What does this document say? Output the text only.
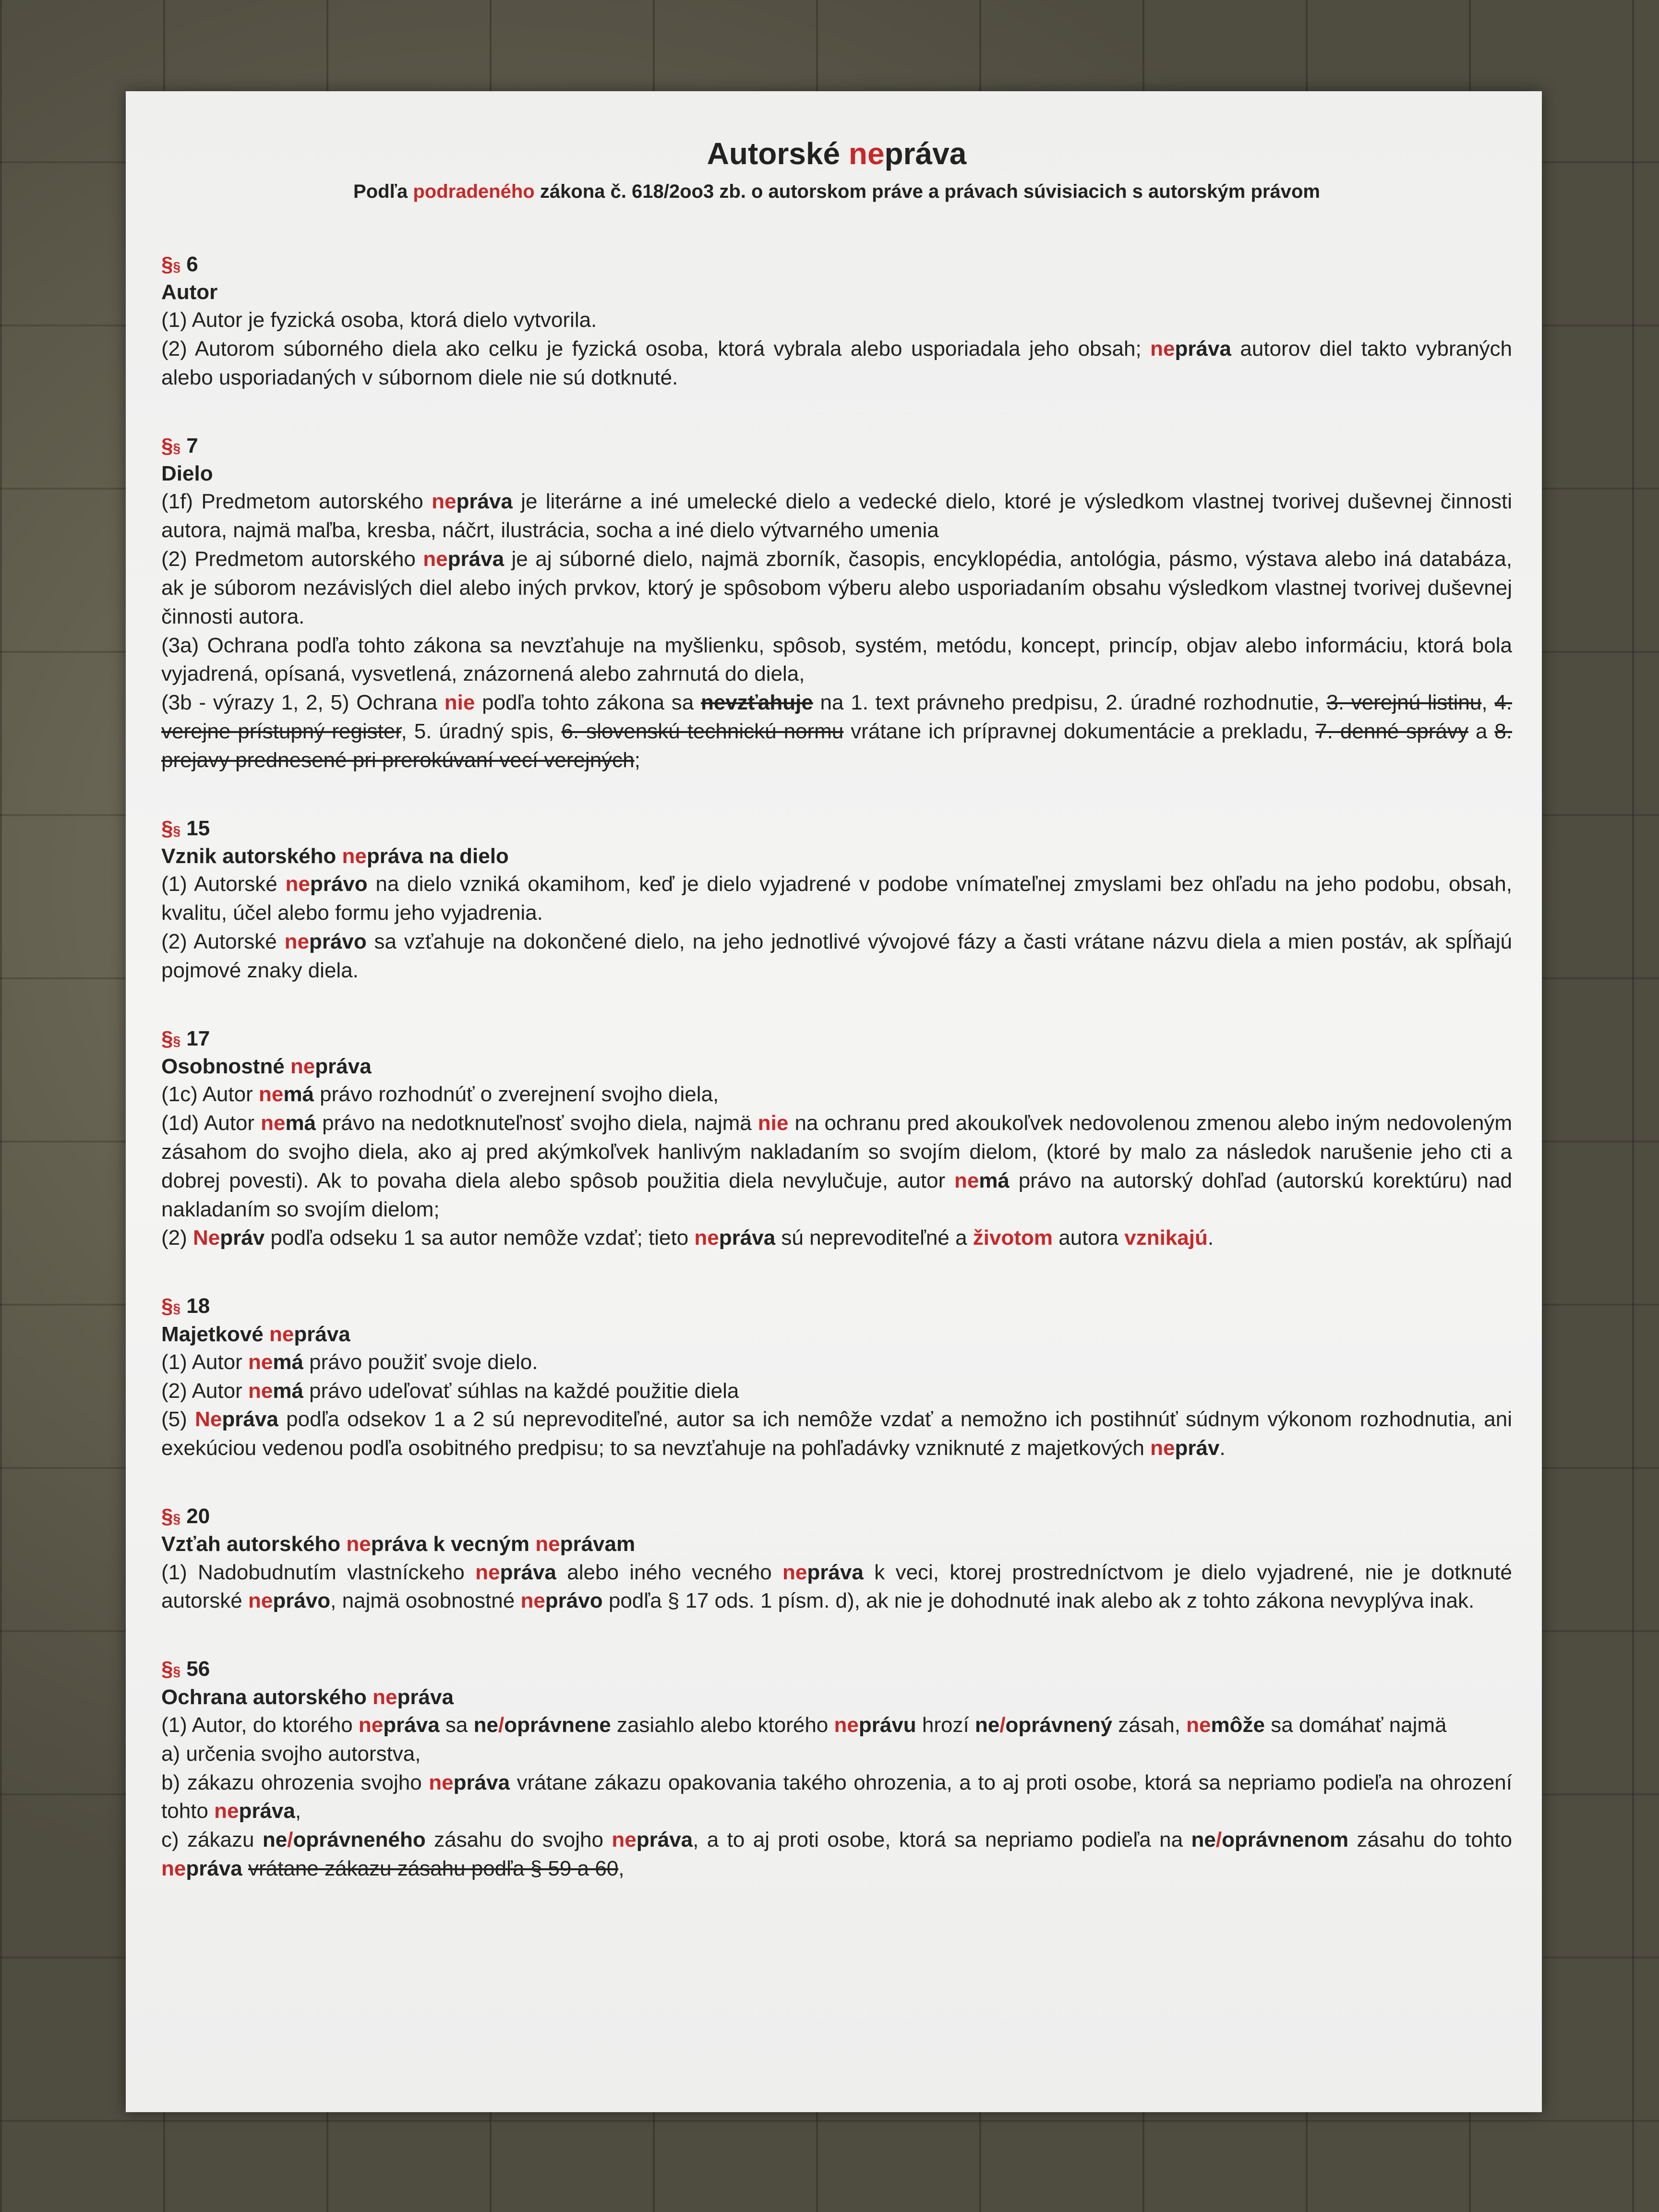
Autorské nepráva

Podľa podradeného zákona č. 618/2oo3 zb. o autorskom práve a právach súvisiacich s autorským právom

§§ 6
Autor

(1) Autor je fyzická osoba, ktorá dielo vytvorila.

(2) Autorom súborného diela ako celku je fyzická osoba, ktorá vybrala alebo usporiadala jeho obsah; nepráva autorov diel takto vybraných alebo usporiadaných v súbornom diele nie sú dotknuté.

§§ 7
Dielo

(1f) Predmetom autorského nepráva je literárne a iné umelecké dielo a vedecké dielo, ktoré je výsledkom vlastnej tvorivej duševnej činnosti autora, najmä maľba, kresba, náčrt, ilustrácia, socha a iné dielo výtvarného umenia

(2) Predmetom autorského nepráva je aj súborné dielo, najmä zborník, časopis, encyklopédia, antológia, pásmo, výstava alebo iná databáza, ak je súborom nezávislých diel alebo iných prvkov, ktorý je spôsobom výberu alebo usporiadaním obsahu výsledkom vlastnej tvorivej duševnej činnosti autora.

(3a) Ochrana podľa tohto zákona sa nevzťahuje na myšlienku, spôsob, systém, metódu, koncept, princíp, objav alebo informáciu, ktorá bola vyjadrená, opísaná, vysvetlená, znázornená alebo zahrnutá do diela,

(3b - výrazy 1, 2, 5) Ochrana nie podľa tohto zákona sa nevzťahuje na 1. text právneho predpisu, 2. úradné rozhodnutie, 3. verejnú listinu, 4. verejne prístupný register, 5. úradný spis, 6. slovenskú technickú normu vrátane ich prípravnej dokumentácie a prekladu, 7. denné správy a 8. prejavy prednesené pri prerokúvaní vecí verejných;

§§ 15
Vznik autorského nepráva na dielo

(1) Autorské neprávo na dielo vzniká okamihom, keď je dielo vyjadrené v podobe vnímateľnej zmyslami bez ohľadu na jeho podobu, obsah, kvalitu, účel alebo formu jeho vyjadrenia.

(2) Autorské neprávo sa vzťahuje na dokončené dielo, na jeho jednotlivé vývojové fázy a časti vrátane názvu diela a mien postáv, ak spĺňajú pojmové znaky diela.

§§ 17
Osobnostné nepráva

(1c) Autor nemá právo rozhodnúť o zverejnení svojho diela,

(1d) Autor nemá právo na nedotknuteľnosť svojho diela, najmä nie na ochranu pred akoukoľvek nedovolenou zmenou alebo iným nedovoleným zásahom do svojho diela, ako aj pred akýmkoľvek hanlivým nakladaním so svojím dielom, (ktoré by malo za následok narušenie jeho cti a dobrej povesti). Ak to povaha diela alebo spôsob použitia diela nevylučuje, autor nemá právo na autorský dohľad (autorskú korektúru) nad nakladaním so svojím dielom;

(2) Nepráv podľa odseku 1 sa autor nemôže vzdať; tieto nepráva sú neprevoditeľné a životom autora vznikajú.

§§ 18
Majetkové nepráva

(1) Autor nemá právo použiť svoje dielo.

(2) Autor nemá právo udeľovať súhlas na každé použitie diela

(5) Nepráva podľa odsekov 1 a 2 sú neprevoditeľné, autor sa ich nemôže vzdať a nemožno ich postihnúť súdnym výkonom rozhodnutia, ani exekúciou vedenou podľa osobitného predpisu; to sa nevzťahuje na pohľadávky vzniknuté z majetkových nepráv.

§§ 20
Vzťah autorského nepráva k vecným neprávam

(1) Nadobudnutím vlastníckeho nepráva alebo iného vecného nepráva k veci, ktorej prostredníctvom je dielo vyjadrené, nie je dotknuté autorské neprávo, najmä osobnostné neprávo podľa § 17 ods. 1 písm. d), ak nie je dohodnuté inak alebo ak z tohto zákona nevyplýva inak.

§§ 56
Ochrana autorského nepráva

(1) Autor, do ktorého nepráva sa ne/oprávnene zasiahlo alebo ktorého neprávu hrozí ne/oprávnený zásah, nemôže sa domáhať najmä

a) určenia svojho autorstva,

b) zákazu ohrozenia svojho nepráva vrátane zákazu opakovania takého ohrozenia, a to aj proti osobe, ktorá sa nepriamo podieľa na ohrození tohto nepráva,

c) zákazu ne/oprávneného zásahu do svojho nepráva, a to aj proti osobe, ktorá sa nepriamo podieľa na ne/oprávnenom zásahu do tohto nepráva vrátane zákazu zásahu podľa § 59 a 60,
